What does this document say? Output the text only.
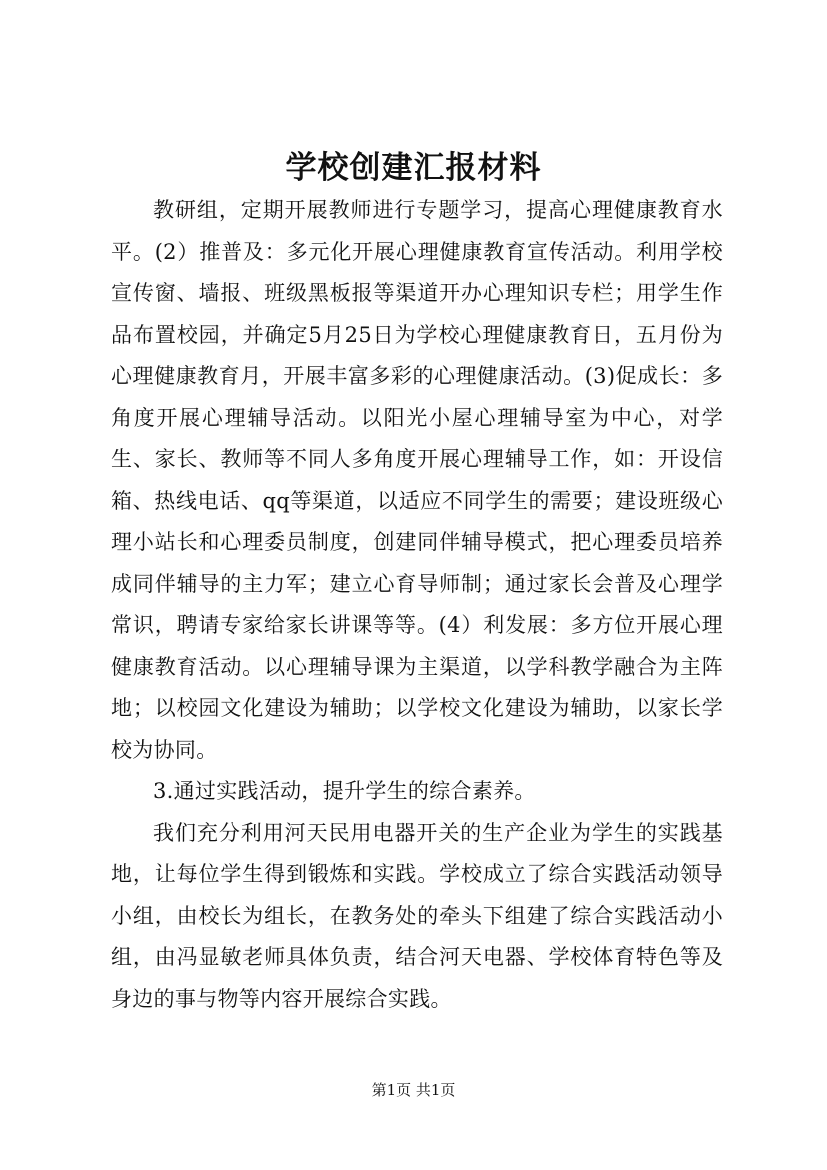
学校创建汇报材料

教研组，定期开展教师进行专题学习，提高心理健康教育水平。(2）推普及：多元化开展心理健康教育宣传活动。利用学校宣传窗、墙报、班级黑板报等渠道开办心理知识专栏；用学生作品布置校园，并确定5月25日为学校心理健康教育日，五月份为心理健康教育月，开展丰富多彩的心理健康活动。(3)促成长：多角度开展心理辅导活动。以阳光小屋心理辅导室为中心，对学生、家长、教师等不同人多角度开展心理辅导工作，如：开设信箱、热线电话、qq等渠道，以适应不同学生的需要；建设班级心理小站长和心理委员制度，创建同伴辅导模式，把心理委员培养成同伴辅导的主力军；建立心育导师制；通过家长会普及心理学常识，聘请专家给家长讲课等等。(4）利发展：多方位开展心理健康教育活动。以心理辅导课为主渠道，以学科教学融合为主阵地；以校园文化建设为辅助；以学校文化建设为辅助，以家长学校为协同。

3.通过实践活动，提升学生的综合素养。

我们充分利用河天民用电器开关的生产企业为学生的实践基地，让每位学生得到锻炼和实践。学校成立了综合实践活动领导小组，由校长为组长，在教务处的牵头下组建了综合实践活动小组，由冯显敏老师具体负责，结合河天电器、学校体育特色等及身边的事与物等内容开展综合实践。

第1页 共1页
